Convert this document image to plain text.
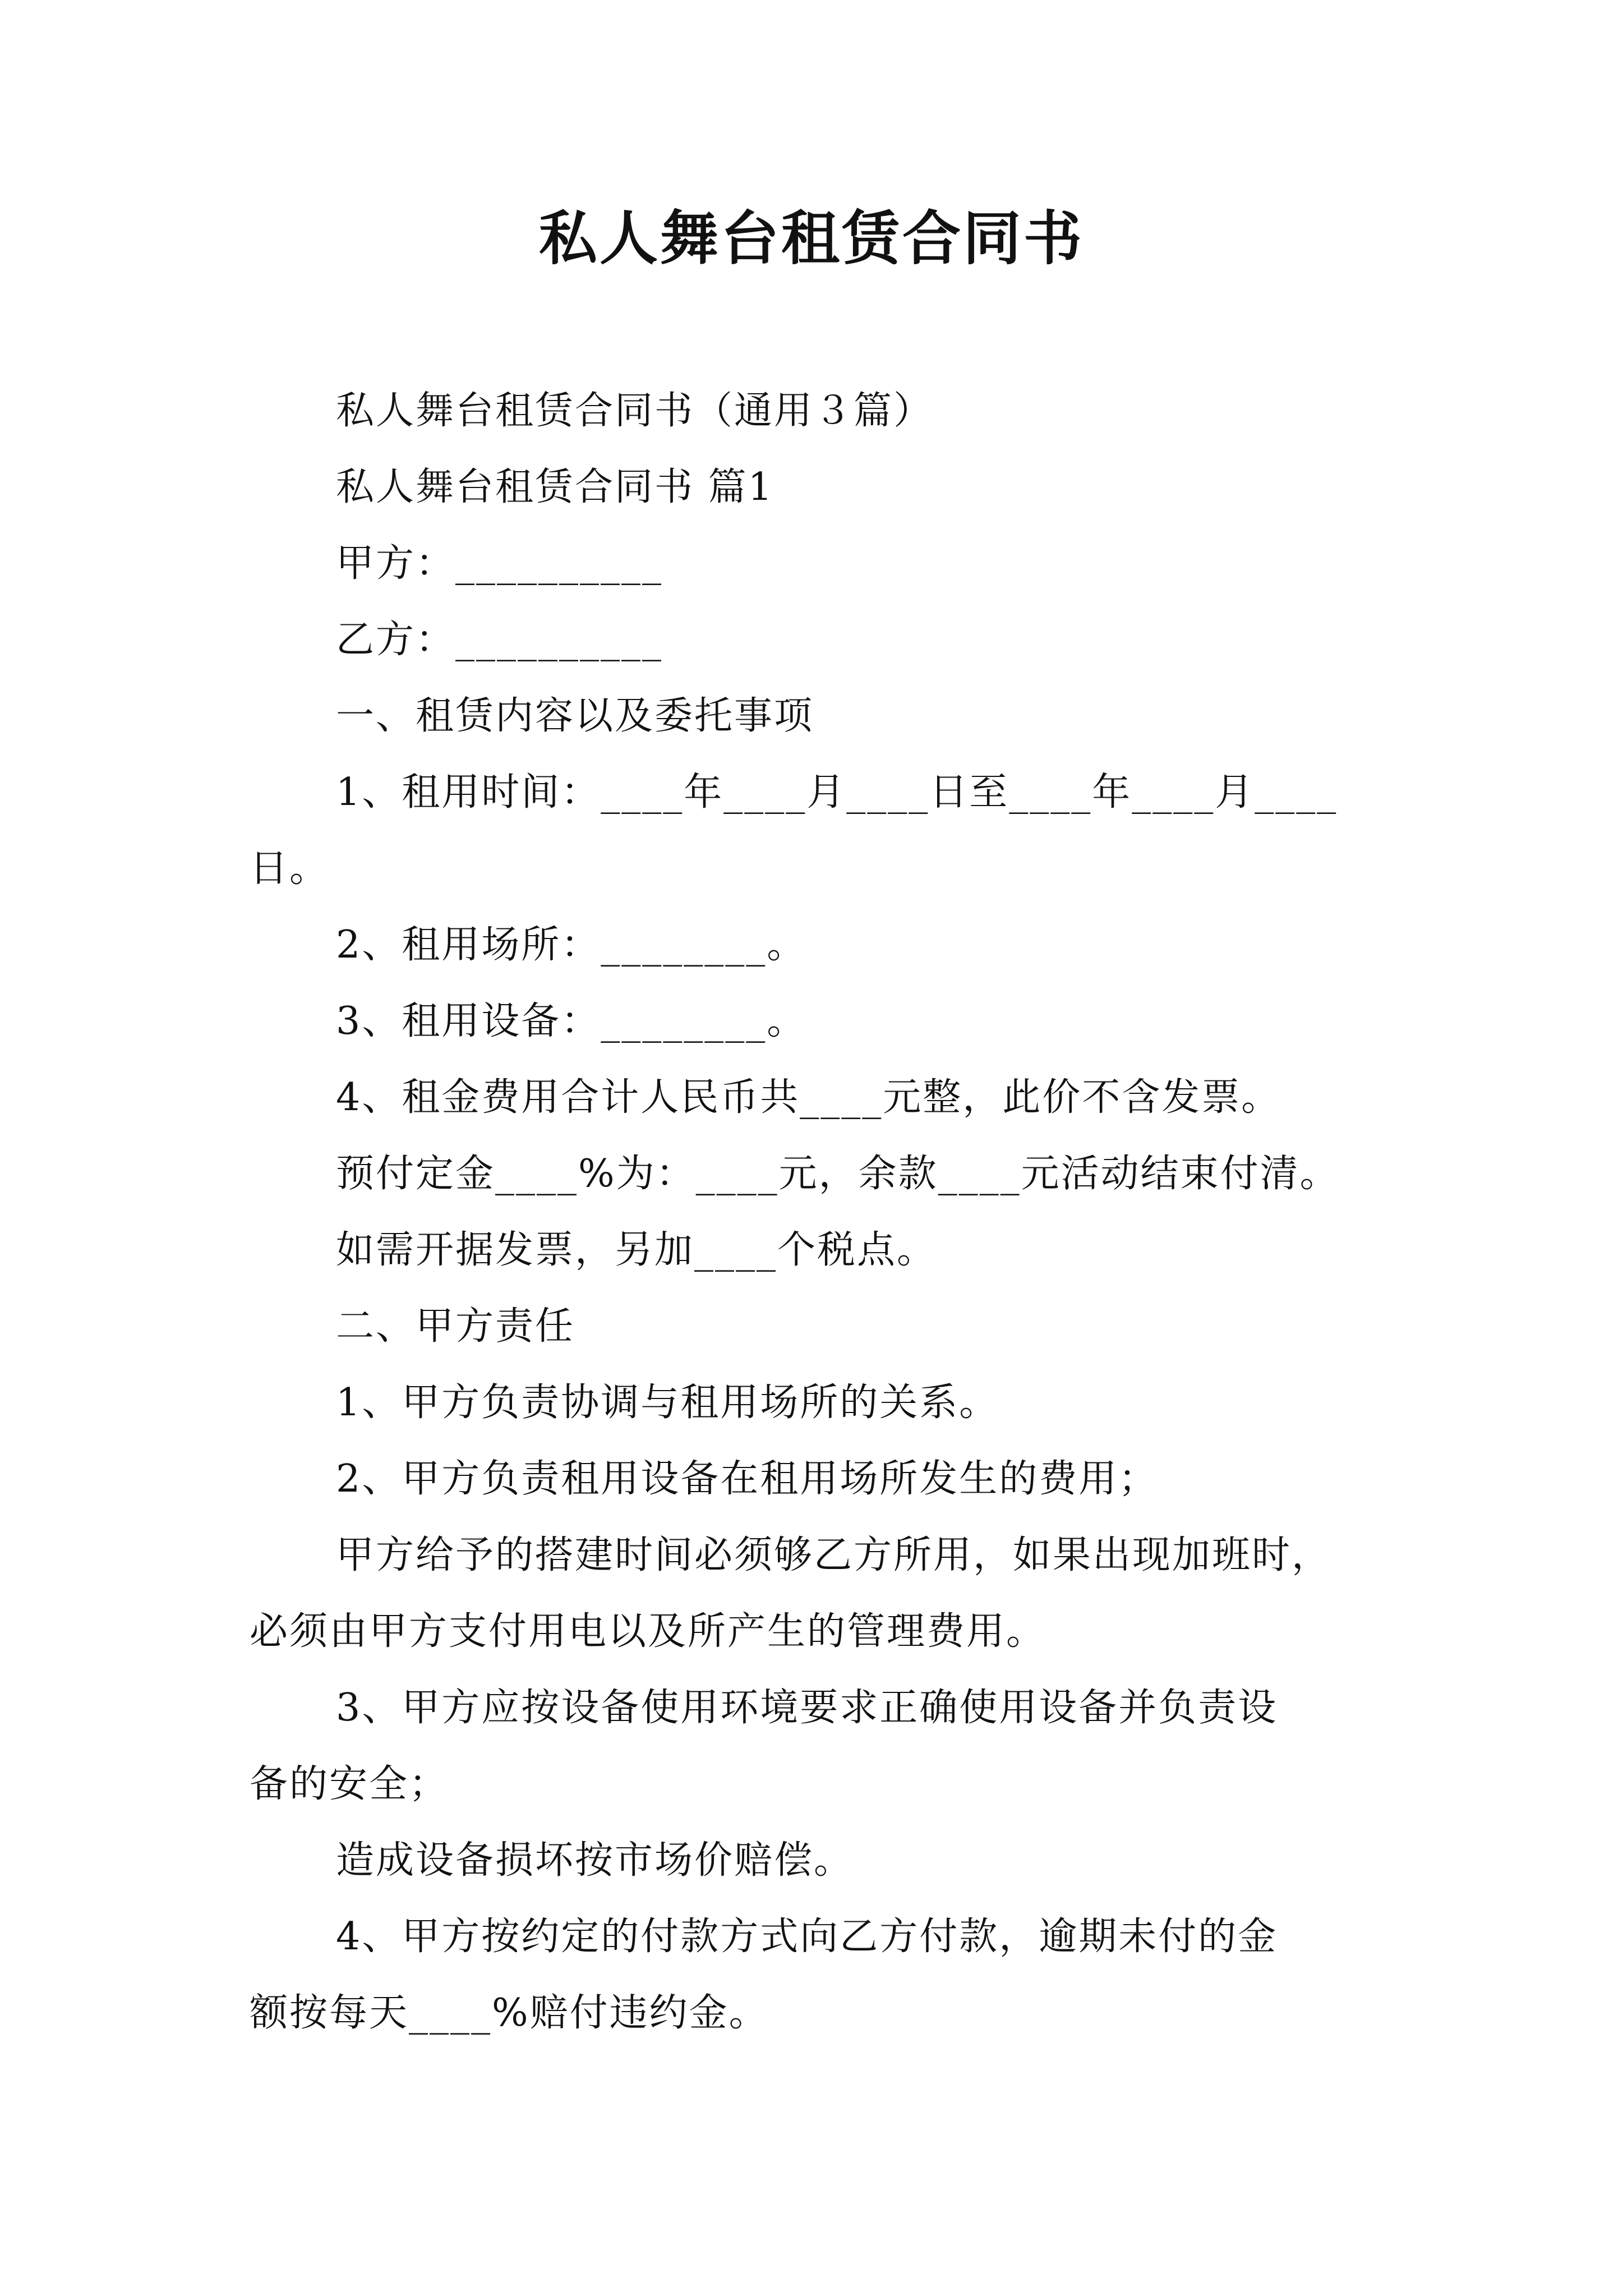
私人舞台租赁合同书
私人舞台租赁合同书（通用３篇）
私人舞台租赁合同书 篇1
甲方：__________
乙方：__________
一、租赁内容以及委托事项
1、租用时间：____年____月____日至____年____月____
日。
2、租用场所：________。
3、租用设备：________。
4、租金费用合计人民币共____元整，此价不含发票。
预付定金____%为：____元，余款____元活动结束付清。
如需开据发票，另加____个税点。
二、甲方责任
1、甲方负责协调与租用场所的关系。
2、甲方负责租用设备在租用场所发生的费用；
甲方给予的搭建时间必须够乙方所用，如果出现加班时，
必须由甲方支付用电以及所产生的管理费用。
3、甲方应按设备使用环境要求正确使用设备并负责设
备的安全；
造成设备损坏按市场价赔偿。
4、甲方按约定的付款方式向乙方付款，逾期未付的金
额按每天____%赔付违约金。
